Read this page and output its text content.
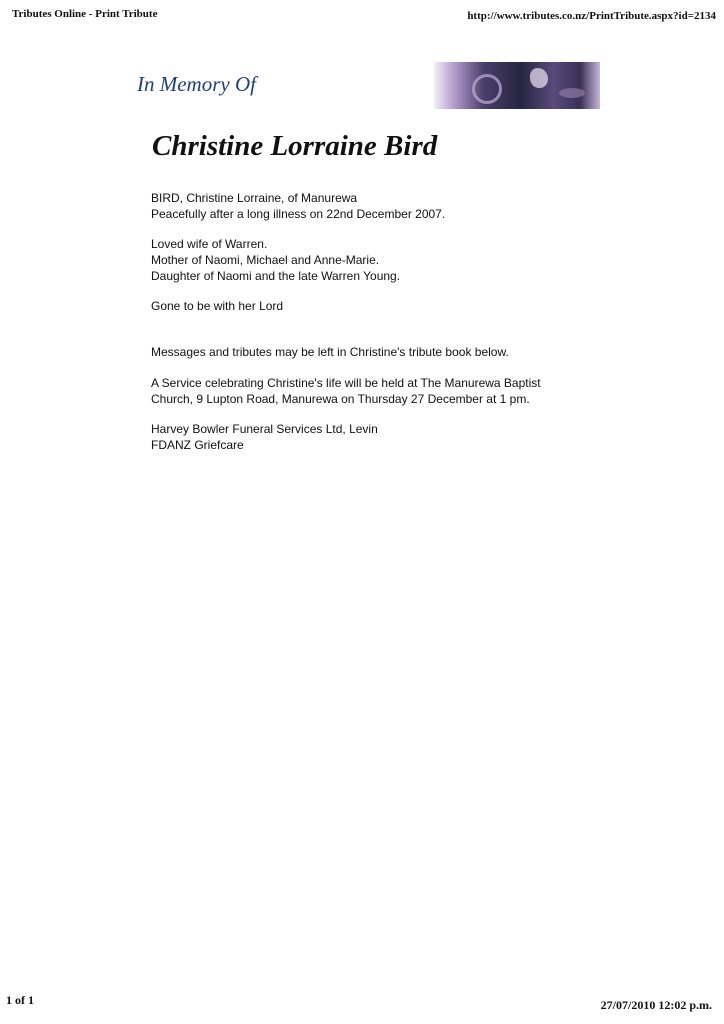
Tributes Online - Print Tribute	http://www.tributes.co.nz/PrintTribute.aspx?id=2134
In Memory Of
Christine Lorraine Bird

BIRD, Christine Lorraine, of Manurewa

Peacefully after a long illness on 22nd December 2007.

Loved wife of Warren.

Mother of Naomi, Michael and Anne-Marie.

Daughter of Naomi and the late Warren Young.

Gone to be with her Lord

Messages and tributes may be left in Christine's tribute book below.

A Service celebrating Christine's life will be held at The Manurewa Baptist Church, 9 Lupton Road, Manurewa on Thursday 27 December at 1 pm.

Harvey Bowler Funeral Services Ltd, Levin

FDANZ Griefcare

1 of 1	27/07/2010 12:02 p.m.
